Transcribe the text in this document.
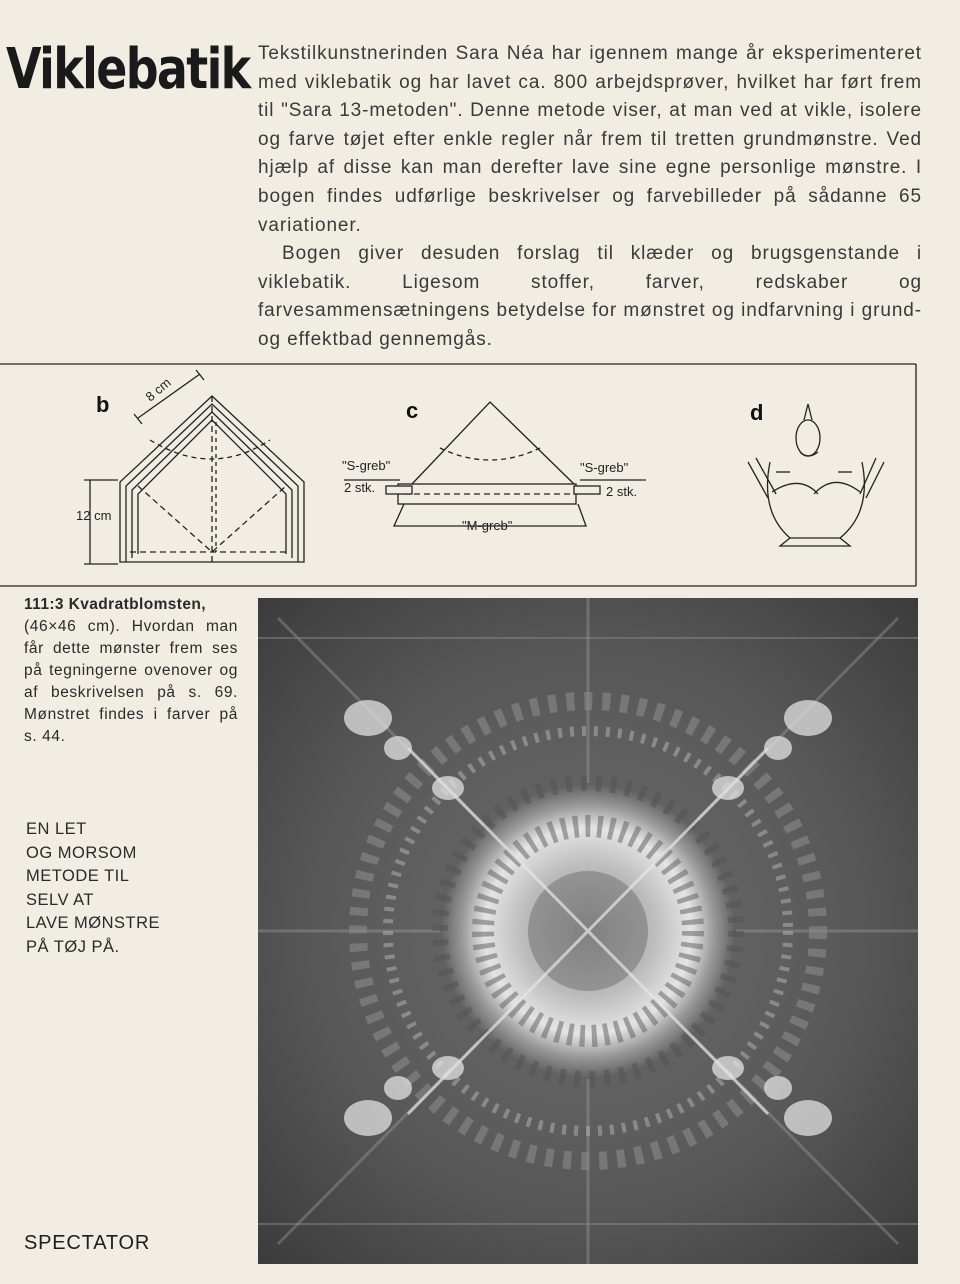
Viklebatik Tekstilkunstnerinden Sara Néa har igennem mange år eksperimenteret med viklebatik og har lavet ca. 800 arbejdsprøver, hvilket har ført frem til "Sara 13-metoden". Denne metode viser, at man ved at vikle, isolere og farve tøjet efter enkle regler når frem til tretten grundmønstre. Ved hjælp af disse kan man derefter lave sine egne personlige mønstre. I bogen findes udførlige beskrivelser og farvebilleder på sådanne 65 variationer.

Bogen giver desuden forslag til klæder og brugsgenstande i viklebatik. Ligesom stoffer, farver, redskaber og farvesammensætningens betydelse for mønstret og indfarvning i grund- og effektbad gennemgås.

b
8 cm
12 cm
c
"S-greb"
2 stk.
"S-greb"
2 stk.
"M-greb"
d
111:3 Kvadratblomsten,
(46×46 cm). Hvordan man får dette mønster frem ses på tegningerne ovenover og af beskrivelsen på s. 69. Mønstret findes i farver på s. 44.
EN LET
OG MORSOM
METODE TIL
SELV AT
LAVE MØNSTRE
PÅ TØJ PÅ.
SPECTATOR
